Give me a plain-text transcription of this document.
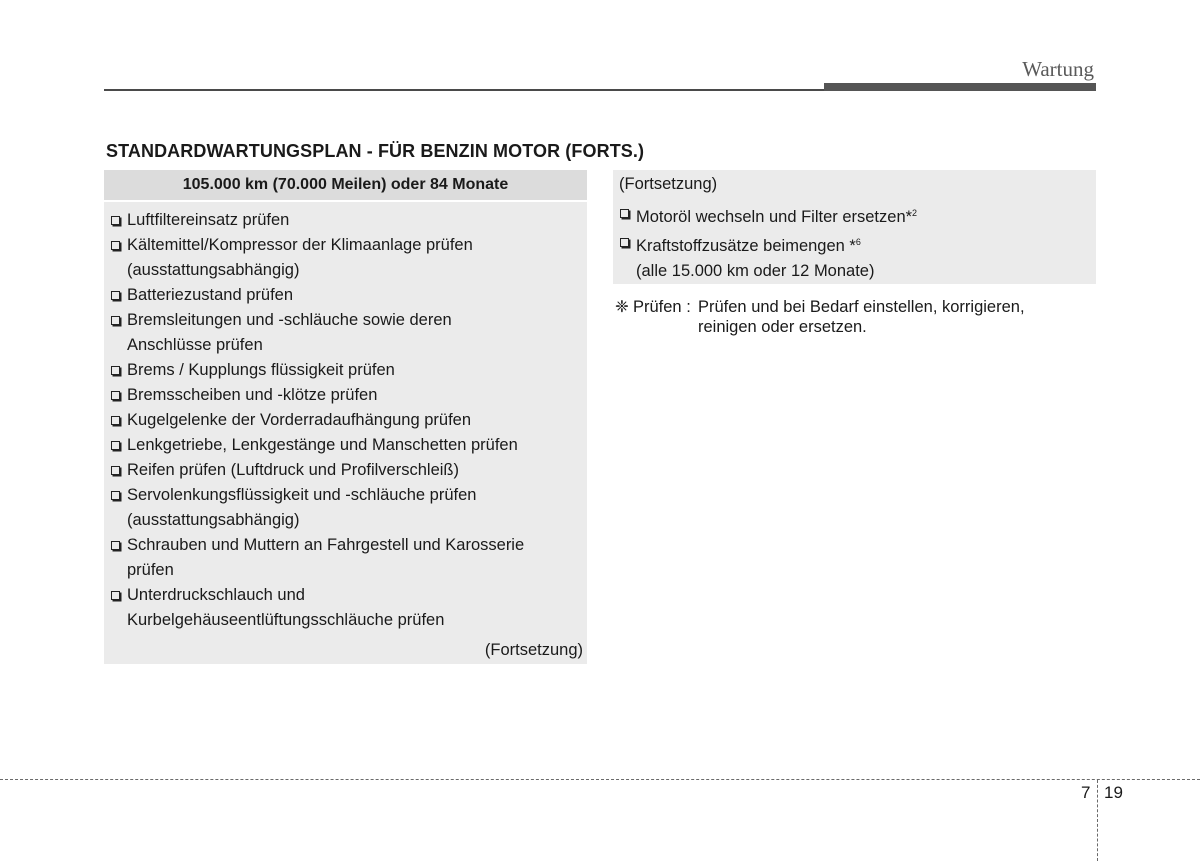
Wartung
STANDARDWARTUNGSPLAN - FÜR BENZIN MOTOR (FORTS.)
105.000 km (70.000 Meilen) oder 84 Monate
Luftfiltereinsatz prüfen
Kältemittel/Kompressor der Klimaanlage prüfen
(ausstattungsabhängig)
Batteriezustand prüfen
Bremsleitungen und -schläuche sowie deren
Anschlüsse prüfen
Brems / Kupplungs flüssigkeit prüfen
Bremsscheiben und -klötze prüfen
Kugelgelenke der Vorderradaufhängung prüfen
Lenkgetriebe, Lenkgestänge und Manschetten prüfen
Reifen prüfen (Luftdruck und Profilverschleiß)
Servolenkungsflüssigkeit und -schläuche prüfen
(ausstattungsabhängig)
Schrauben und Muttern an Fahrgestell und Karosserie
prüfen
Unterdruckschlauch und
Kurbelgehäuseentlüftungsschläuche prüfen
(Fortsetzung)
(Fortsetzung)
Motoröl wechseln und Filter ersetzen*$^2$
Kraftstoffzusätze beimengen *$^6$
(alle 15.000 km oder 12 Monate)
❈ Prüfen : Prüfen und bei Bedarf einstellen, korrigieren,
reinigen oder ersetzen.
7 19
